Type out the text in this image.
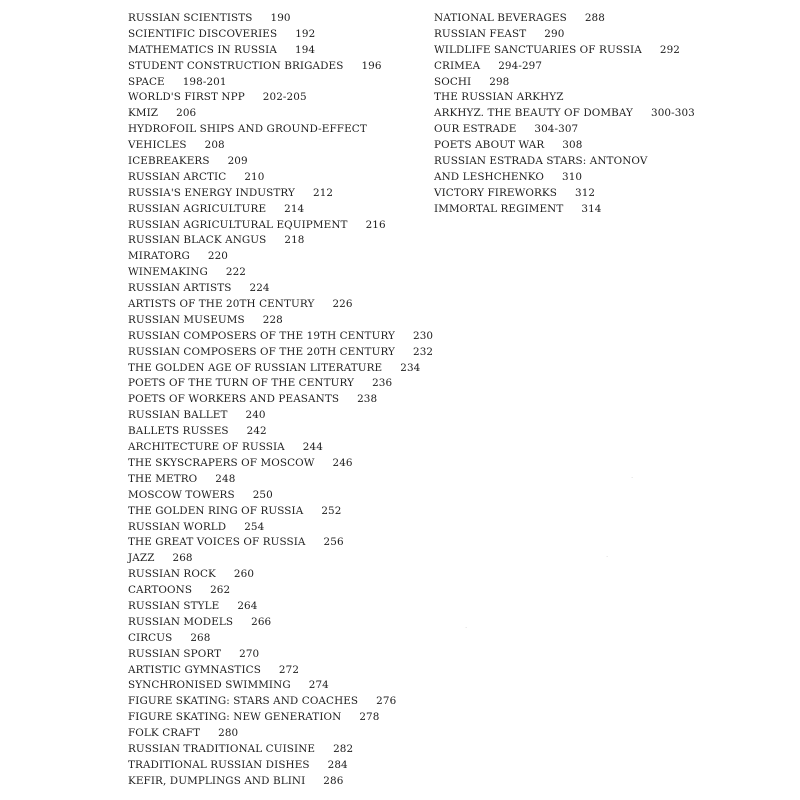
RUSSIAN SCIENTISTS 190
SCIENTIFIC DISCOVERIES 192
MATHEMATICS IN RUSSIA 194
STUDENT CONSTRUCTION BRIGADES 196
SPACE 198-201
WORLD'S FIRST NPP 202-205
KMIZ 206
HYDROFOIL SHIPS AND GROUND-EFFECT
VEHICLES 208
ICEBREAKERS 209
RUSSIAN ARCTIC 210
RUSSIA'S ENERGY INDUSTRY 212
RUSSIAN AGRICULTURE 214
RUSSIAN AGRICULTURAL EQUIPMENT 216
RUSSIAN BLACK ANGUS 218
MIRATORG 220
WINEMAKING 222
RUSSIAN ARTISTS 224
ARTISTS OF THE 20TH CENTURY 226
RUSSIAN MUSEUMS 228
RUSSIAN COMPOSERS OF THE 19TH CENTURY 230
RUSSIAN COMPOSERS OF THE 20TH CENTURY 232
THE GOLDEN AGE OF RUSSIAN LITERATURE 234
POETS OF THE TURN OF THE CENTURY 236
POETS OF WORKERS AND PEASANTS 238
RUSSIAN BALLET 240
BALLETS RUSSES 242
ARCHITECTURE OF RUSSIA 244
THE SKYSCRAPERS OF MOSCOW 246
THE METRO 248
MOSCOW TOWERS 250
THE GOLDEN RING OF RUSSIA 252
RUSSIAN WORLD 254
THE GREAT VOICES OF RUSSIA 256
JAZZ 268
RUSSIAN ROCK 260
CARTOONS 262
RUSSIAN STYLE 264
RUSSIAN MODELS 266
CIRCUS 268
RUSSIAN SPORT 270
ARTISTIC GYMNASTICS 272
SYNCHRONISED SWIMMING 274
FIGURE SKATING: STARS AND COACHES 276
FIGURE SKATING: NEW GENERATION 278
FOLK CRAFT 280
RUSSIAN TRADITIONAL CUISINE 282
TRADITIONAL RUSSIAN DISHES 284
KEFIR, DUMPLINGS AND BLINI 286
NATIONAL BEVERAGES 288
RUSSIAN FEAST 290
WILDLIFE SANCTUARIES OF RUSSIA 292
CRIMEA 294-297
SOCHI 298
THE RUSSIAN ARKHYZ
ARKHYZ. THE BEAUTY OF DOMBAY 300-303
OUR ESTRADE 304-307
POETS ABOUT WAR 308
RUSSIAN ESTRADA STARS: ANTONOV
AND LESHCHENKO 310
VICTORY FIREWORKS 312
IMMORTAL REGIMENT 314
·
·
·
